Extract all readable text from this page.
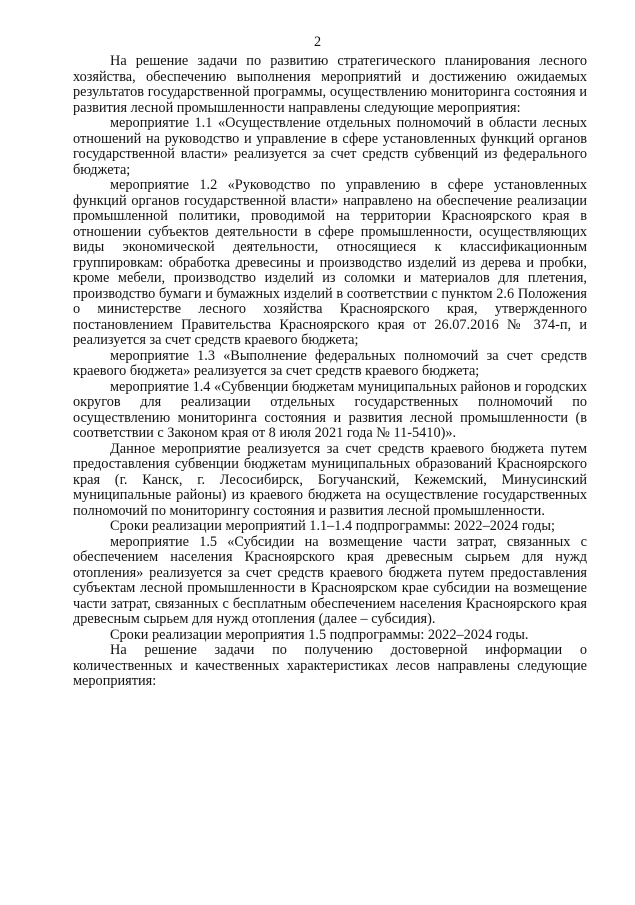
2

На решение задачи по развитию стратегического планирования лесного хозяйства, обеспечению выполнения мероприятий и достижению ожидаемых результатов государственной программы, осуществлению мониторинга состояния и развития лесной промышленности направлены следующие мероприятия:

мероприятие 1.1 «Осуществление отдельных полномочий в области лесных отношений на руководство и управление в сфере установленных функций органов государственной власти» реализуется за счет средств субвенций из федерального бюджета;

мероприятие 1.2 «Руководство по управлению в сфере установленных функций органов государственной власти» направлено на обеспечение реализации промышленной политики, проводимой на территории Красноярского края в отношении субъектов деятельности в сфере промышленности, осуществляющих виды экономической деятельности, относящиеся к классификационным группировкам: обработка древесины и производство изделий из дерева и пробки, кроме мебели, производство изделий из соломки и материалов для плетения, производство бумаги и бумажных изделий в соответствии с пунктом 2.6 Положения о министерстве лесного хозяйства Красноярского края, утвержденного постановлением Правительства Красноярского края от 26.07.2016 № 374-п, и реализуется за счет средств краевого бюджета;

мероприятие 1.3 «Выполнение федеральных полномочий за счет средств краевого бюджета» реализуется за счет средств краевого бюджета;

мероприятие 1.4 «Субвенции бюджетам муниципальных районов и городских округов для реализации отдельных государственных полномочий по осуществлению мониторинга состояния и развития лесной промышленности (в соответствии с Законом края от 8 июля 2021 года № 11-5410)».

Данное мероприятие реализуется за счет средств краевого бюджета путем предоставления субвенции бюджетам муниципальных образований Красноярского края (г. Канск, г. Лесосибирск, Богучанский, Кежемский, Минусинский муниципальные районы) из краевого бюджета на осуществление государственных полномочий по мониторингу состояния и развития лесной промышленности.

Сроки реализации мероприятий 1.1–1.4 подпрограммы: 2022–2024 годы;

мероприятие 1.5 «Субсидии на возмещение части затрат, связанных с обеспечением населения Красноярского края древесным сырьем для нужд отопления» реализуется за счет средств краевого бюджета путем предоставления субъектам лесной промышленности в Красноярском крае субсидии на возмещение части затрат, связанных с бесплатным обеспечением населения Красноярского края древесным сырьем для нужд отопления (далее – субсидия).

Сроки реализации мероприятия 1.5 подпрограммы: 2022–2024 годы.

На решение задачи по получению достоверной информации о количественных и качественных характеристиках лесов направлены следующие мероприятия:
